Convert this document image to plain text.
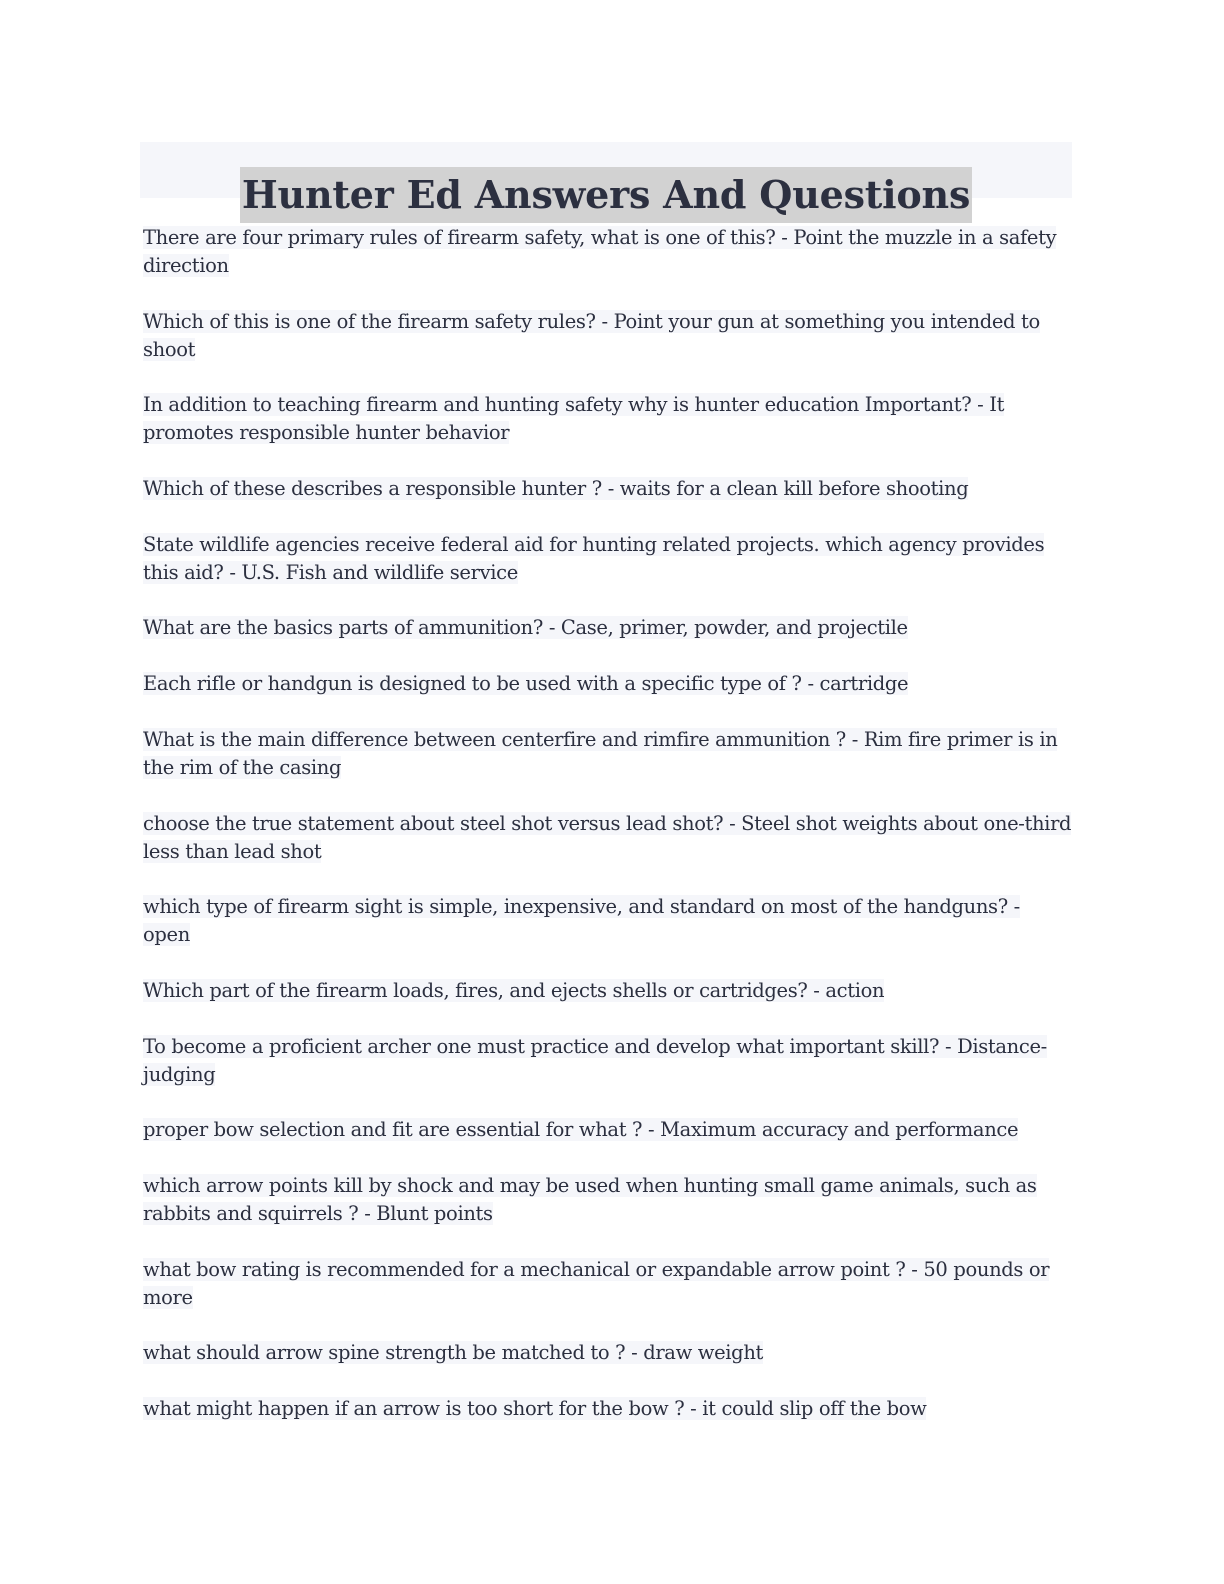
Hunter Ed Answers And Questions

There are four primary rules of firearm safety, what is one of this? - Point the muzzle in a safety direction

Which of this is one of the firearm safety rules? - Point your gun at something you intended to shoot

In addition to teaching firearm and hunting safety why is hunter education Important? - It promotes responsible hunter behavior

Which of these describes a responsible hunter ? - waits for a clean kill before shooting

State wildlife agencies receive federal aid for hunting related projects. which agency provides this aid? - U.S. Fish and wildlife service

What are the basics parts of ammunition? - Case, primer, powder, and projectile

Each rifle or handgun is designed to be used with a specific type of ? - cartridge

What is the main difference between centerfire and rimfire ammunition ? - Rim fire primer is in the rim of the casing

choose the true statement about steel shot versus lead shot? - Steel shot weights about one-third less than lead shot

which type of firearm sight is simple, inexpensive, and standard on most of the handguns? - open

Which part of the firearm loads, fires, and ejects shells or cartridges? - action

To become a proficient archer one must practice and develop what important skill? - Distance- judging

proper bow selection and fit are essential for what ? - Maximum accuracy and performance

which arrow points kill by shock and may be used when hunting small game animals, such as rabbits and squirrels ? - Blunt points

what bow rating is recommended for a mechanical or expandable arrow point ? - 50 pounds or more

what should arrow spine strength be matched to ? - draw weight

what might happen if an arrow is too short for the bow ? - it could slip off the bow
